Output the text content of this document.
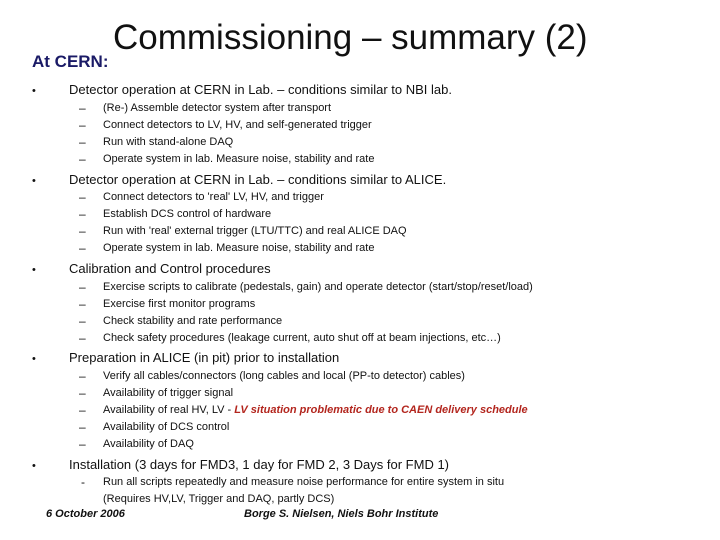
Commissioning – summary (2)
At CERN:
•	Detector operation at CERN in Lab. – conditions similar to NBI lab.
– (Re-) Assemble detector system after transport
– Connect detectors to LV, HV, and self-generated trigger
– Run with stand-alone DAQ
– Operate system in lab. Measure noise, stability and rate
•	Detector operation at CERN in Lab. – conditions similar to ALICE.
– Connect detectors to 'real' LV, HV, and trigger
– Establish DCS control of hardware
– Run with 'real' external trigger (LTU/TTC) and real ALICE DAQ
– Operate system in lab. Measure noise, stability and rate
•	Calibration and Control procedures
– Exercise scripts to calibrate (pedestals, gain) and operate detector (start/stop/reset/load)
– Exercise first monitor programs
– Check stability and rate performance
– Check safety procedures (leakage current, auto shut off at beam injections, etc…)
•	Preparation in ALICE (in pit) prior to installation
– Verify all cables/connectors (long cables and local (PP-to detector) cables)
– Availability of trigger signal
– Availability of real HV, LV - LV situation problematic due to CAEN delivery schedule
– Availability of DCS control
– Availability of DAQ
•	Installation (3 days for FMD3, 1 day for FMD 2, 3 Days for FMD 1)
- Run all scripts repeatedly and measure noise performance for entire system in situ
(Requires HV,LV, Trigger and DAQ, partly DCS)
6 October 2006	Borge S. Nielsen, Niels Bohr Institute
